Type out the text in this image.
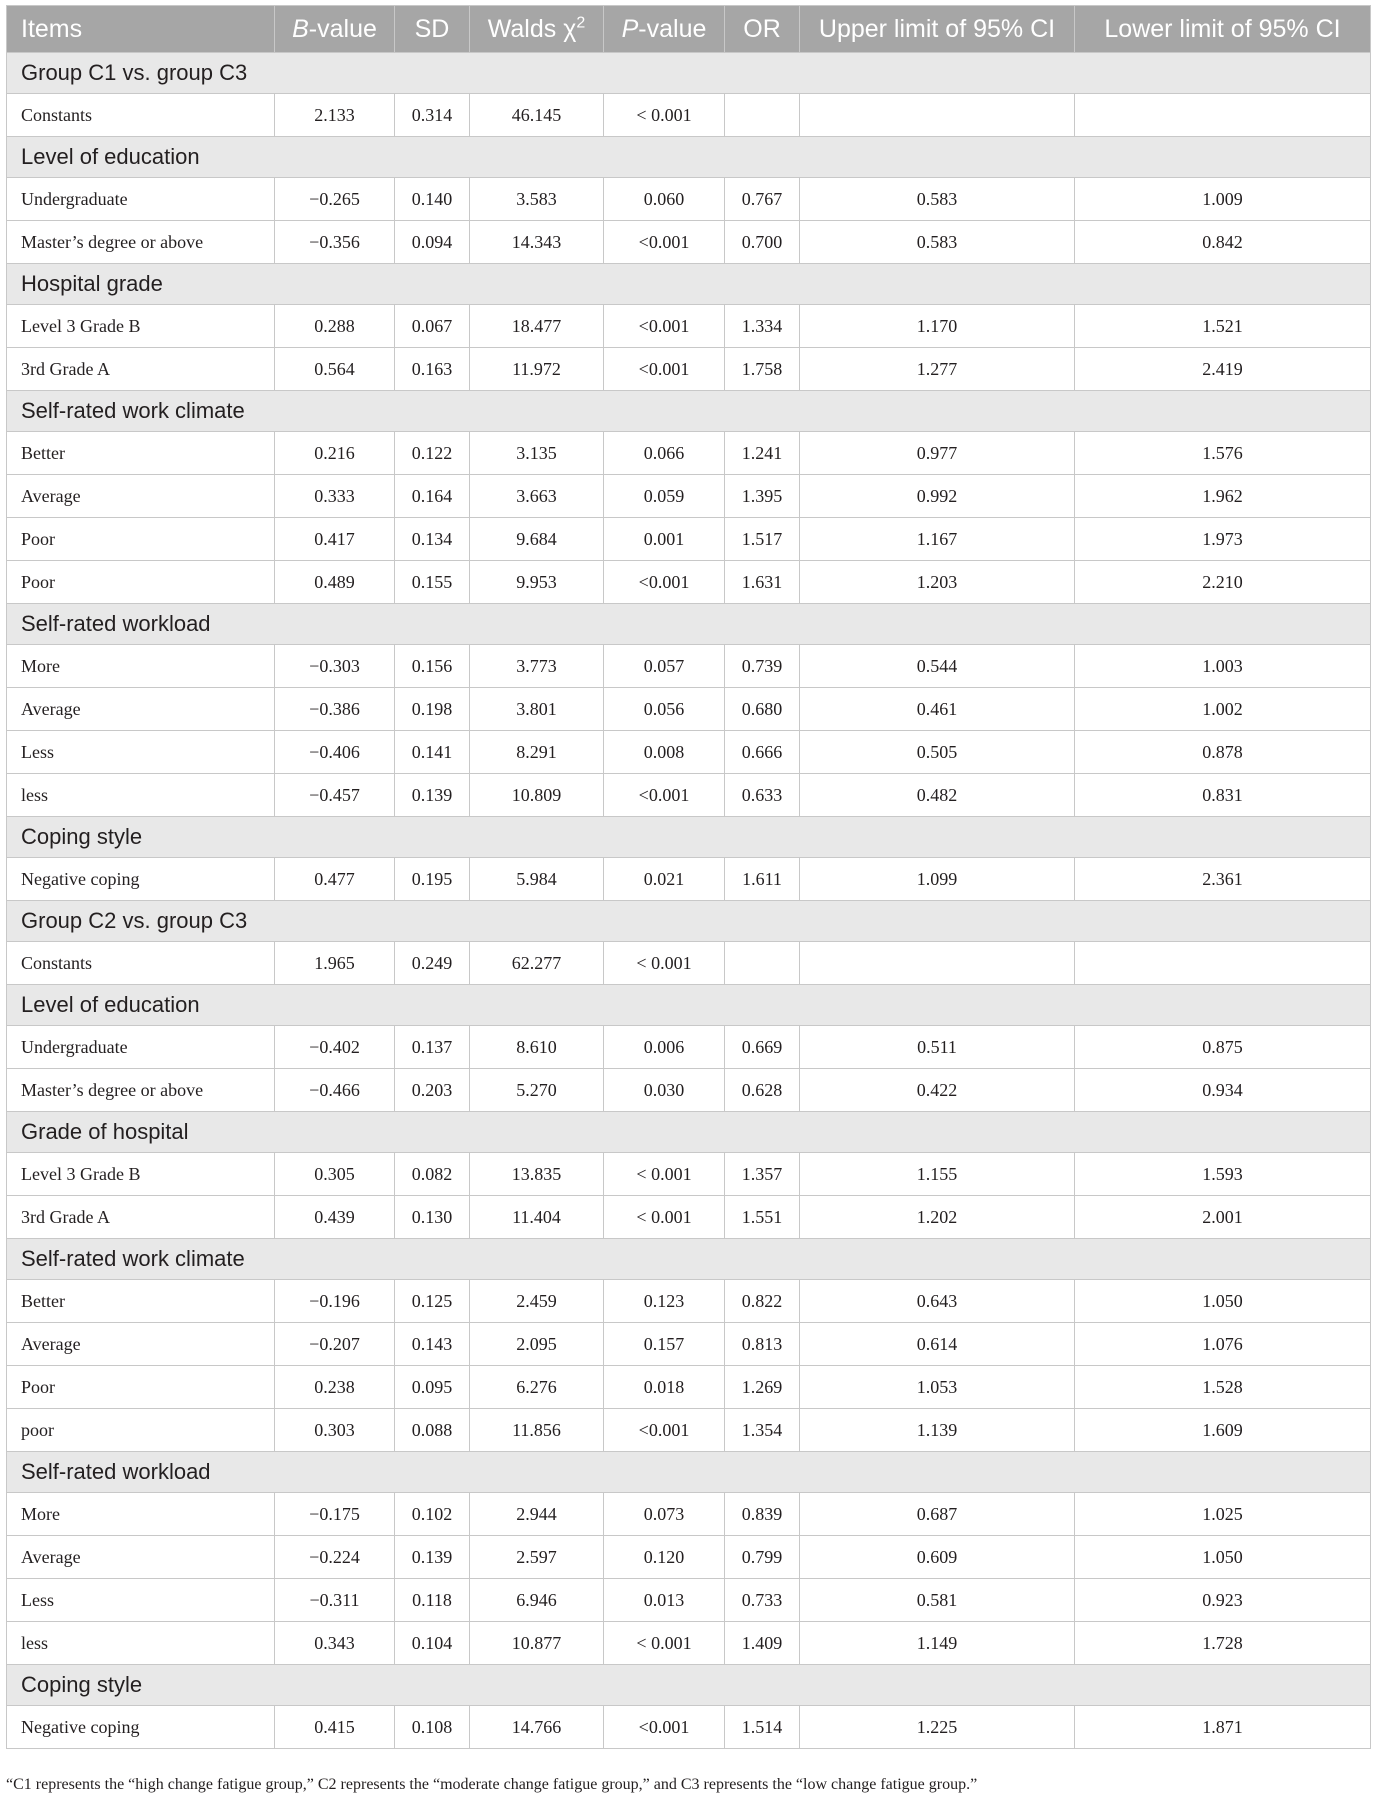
Items	B-value	SD	Walds $\chi^2$	P-value	OR	Upper limit of 95% CI	Lower limit of 95% CI
Group C1 vs. group C3							
Constants	2.133	0.314	46.145	< 0.001			
Level of education							
Undergraduate	−0.265	0.140	3.583	0.060	0.767	0.583	1.009
Master’s degree or above	−0.356	0.094	14.343	<0.001	0.700	0.583	0.842
Hospital grade							
Level 3 Grade B	0.288	0.067	18.477	<0.001	1.334	1.170	1.521
3rd Grade A	0.564	0.163	11.972	<0.001	1.758	1.277	2.419
Self-rated work climate							
Better	0.216	0.122	3.135	0.066	1.241	0.977	1.576
Average	0.333	0.164	3.663	0.059	1.395	0.992	1.962
Poor	0.417	0.134	9.684	0.001	1.517	1.167	1.973
Poor	0.489	0.155	9.953	<0.001	1.631	1.203	2.210
Self-rated workload							
More	−0.303	0.156	3.773	0.057	0.739	0.544	1.003
Average	−0.386	0.198	3.801	0.056	0.680	0.461	1.002
Less	−0.406	0.141	8.291	0.008	0.666	0.505	0.878
less	−0.457	0.139	10.809	<0.001	0.633	0.482	0.831
Coping style							
Negative coping	0.477	0.195	5.984	0.021	1.611	1.099	2.361
Group C2 vs. group C3							
Constants	1.965	0.249	62.277	< 0.001			
Level of education							
Undergraduate	−0.402	0.137	8.610	0.006	0.669	0.511	0.875
Master’s degree or above	−0.466	0.203	5.270	0.030	0.628	0.422	0.934
Grade of hospital							
Level 3 Grade B	0.305	0.082	13.835	< 0.001	1.357	1.155	1.593
3rd Grade A	0.439	0.130	11.404	< 0.001	1.551	1.202	2.001
Self-rated work climate							
Better	−0.196	0.125	2.459	0.123	0.822	0.643	1.050
Average	−0.207	0.143	2.095	0.157	0.813	0.614	1.076
Poor	0.238	0.095	6.276	0.018	1.269	1.053	1.528
poor	0.303	0.088	11.856	<0.001	1.354	1.139	1.609
Self-rated workload							
More	−0.175	0.102	2.944	0.073	0.839	0.687	1.025
Average	−0.224	0.139	2.597	0.120	0.799	0.609	1.050
Less	−0.311	0.118	6.946	0.013	0.733	0.581	0.923
less	0.343	0.104	10.877	< 0.001	1.409	1.149	1.728
Coping style							
Negative coping	0.415	0.108	14.766	<0.001	1.514	1.225	1.871
“C1 represents the “high change fatigue group,” C2 represents the “moderate change fatigue group,” and C3 represents the “low change fatigue group.”
